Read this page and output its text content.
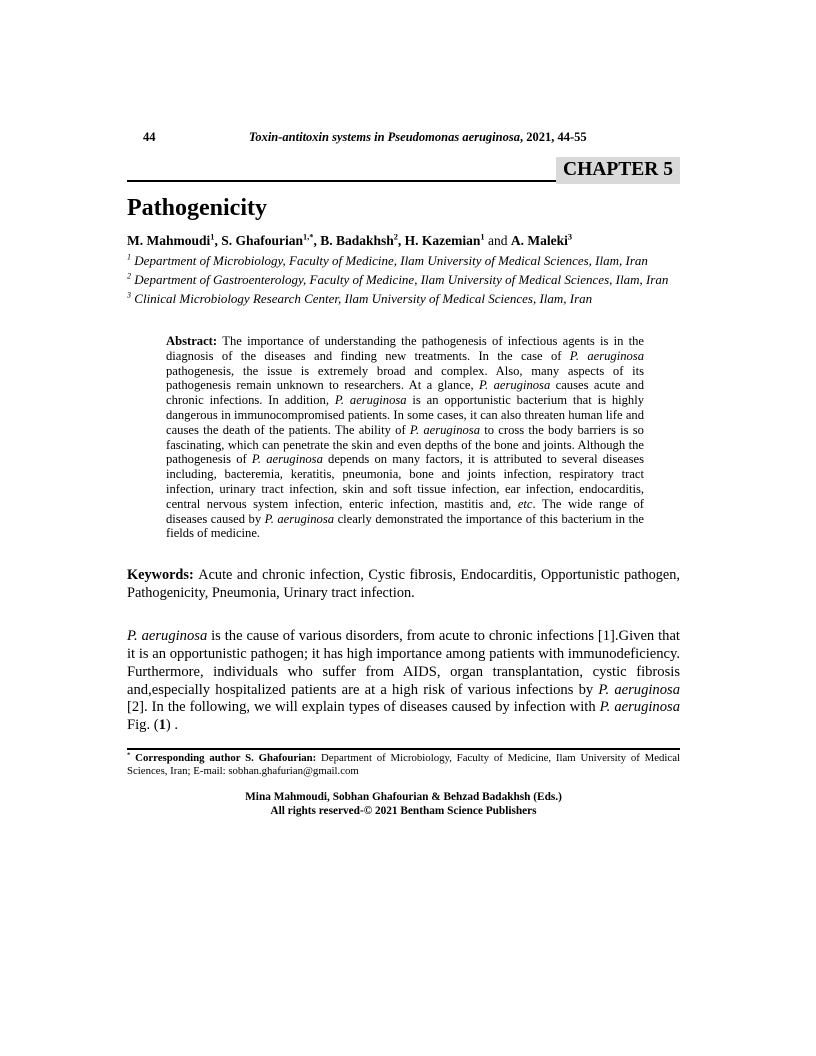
44	Toxin-antitoxin systems in Pseudomonas aeruginosa, 2021, 44-55
CHAPTER 5
Pathogenicity
M. Mahmoudi$^1$, S. Ghafourian$^{1,*}$, B. Badakhsh$^2$, H. Kazemian$^1$ and A. Maleki$^3$
$^1$ Department of Microbiology, Faculty of Medicine, Ilam University of Medical Sciences, Ilam, Iran
$^2$ Department of Gastroenterology, Faculty of Medicine, Ilam University of Medical Sciences, Ilam, Iran
$^3$ Clinical Microbiology Research Center, Ilam University of Medical Sciences, Ilam, Iran
Abstract: The importance of understanding the pathogenesis of infectious agents is in the diagnosis of the diseases and finding new treatments. In the case of P. aeruginosa pathogenesis, the issue is extremely broad and complex. Also, many aspects of its pathogenesis remain unknown to researchers. At a glance, P. aeruginosa causes acute and chronic infections. In addition, P. aeruginosa is an opportunistic bacterium that is highly dangerous in immunocompromised patients. In some cases, it can also threaten human life and causes the death of the patients. The ability of P. aeruginosa to cross the body barriers is so fascinating, which can penetrate the skin and even depths of the bone and joints. Although the pathogenesis of P. aeruginosa depends on many factors, it is attributed to several diseases including, bacteremia, keratitis, pneumonia, bone and joints infection, respiratory tract infection, urinary tract infection, skin and soft tissue infection, ear infection, endocarditis, central nervous system infection, enteric infection, mastitis and, etc. The wide range of diseases caused by P. aeruginosa clearly demonstrated the importance of this bacterium in the fields of medicine.
Keywords: Acute and chronic infection, Cystic fibrosis, Endocarditis, Opportunistic pathogen, Pathogenicity, Pneumonia, Urinary tract infection.
P. aeruginosa is the cause of various disorders, from acute to chronic infections [1].Given that it is an opportunistic pathogen; it has high importance among patients with immunodeficiency. Furthermore, individuals who suffer from AIDS, organ transplantation, cystic fibrosis and,especially hospitalized patients are at a high risk of various infections by P. aeruginosa [2]. In the following, we will explain types of diseases caused by infection with P. aeruginosa Fig. (1) .
* Corresponding author S. Ghafourian: Department of Microbiology, Faculty of Medicine, Ilam University of Medical Sciences, Iran; E-mail: sobhan.ghafurian@gmail.com
Mina Mahmoudi, Sobhan Ghafourian & Behzad Badakhsh (Eds.)
All rights reserved-© 2021 Bentham Science Publishers
